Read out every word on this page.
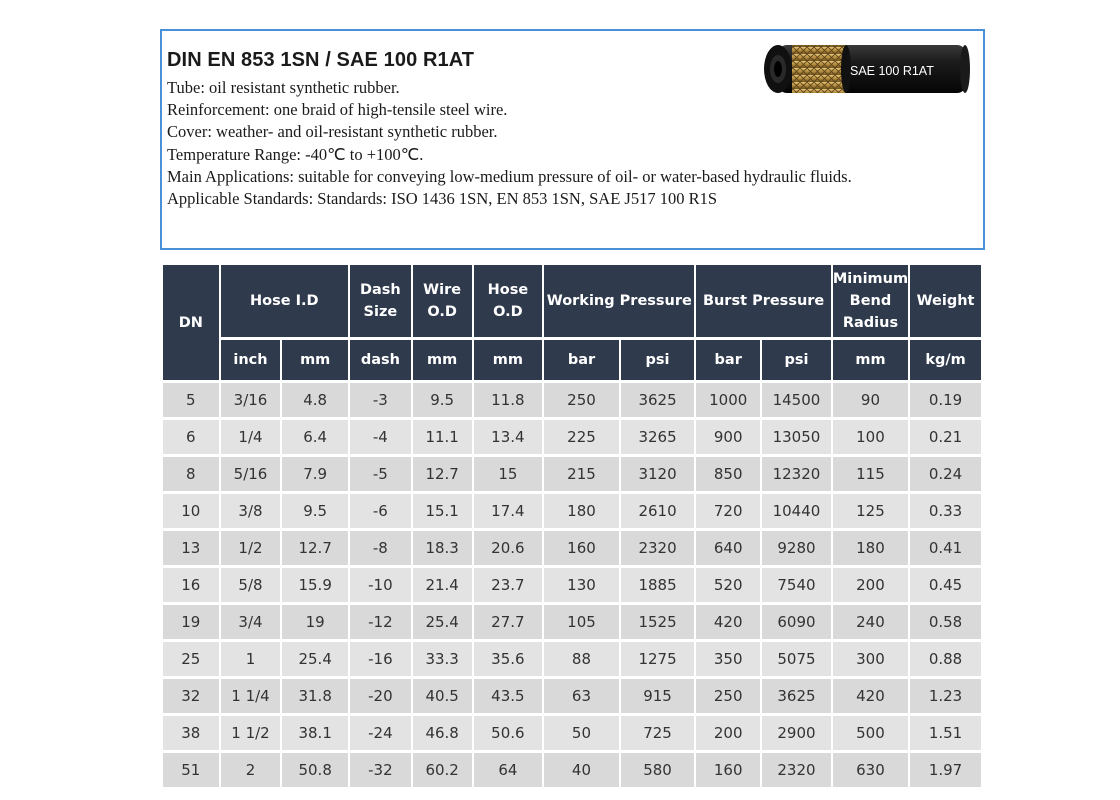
DIN EN 853 1SN / SAE 100 R1AT
Tube: oil resistant synthetic rubber.
Reinforcement: one braid of high-tensile steel wire.
Cover: weather- and oil-resistant synthetic rubber.
Temperature Range: -40℃ to +100℃.
Main Applications: suitable for conveying low-medium pressure of oil- or water-based hydraulic fluids.
Applicable Standards: Standards: ISO 1436 1SN, EN 853 1SN, SAE J517 100 R1S
SAE 100 R1AT
DN	Hose I.D		Dash Size	Wire O.D	Hose O.D	Working Pressure		Burst Pressure		Minimum Bend Radius	Weight
	inch	mm	dash	mm	mm	bar	psi	bar	psi	mm	kg/m
5	3/16	4.8	-3	9.5	11.8	250	3625	1000	14500	90	0.19
6	1/4	6.4	-4	11.1	13.4	225	3265	900	13050	100	0.21
8	5/16	7.9	-5	12.7	15	215	3120	850	12320	115	0.24
10	3/8	9.5	-6	15.1	17.4	180	2610	720	10440	125	0.33
13	1/2	12.7	-8	18.3	20.6	160	2320	640	9280	180	0.41
16	5/8	15.9	-10	21.4	23.7	130	1885	520	7540	200	0.45
19	3/4	19	-12	25.4	27.7	105	1525	420	6090	240	0.58
25	1	25.4	-16	33.3	35.6	88	1275	350	5075	300	0.88
32	1 1/4	31.8	-20	40.5	43.5	63	915	250	3625	420	1.23
38	1 1/2	38.1	-24	46.8	50.6	50	725	200	2900	500	1.51
51	2	50.8	-32	60.2	64	40	580	160	2320	630	1.97
